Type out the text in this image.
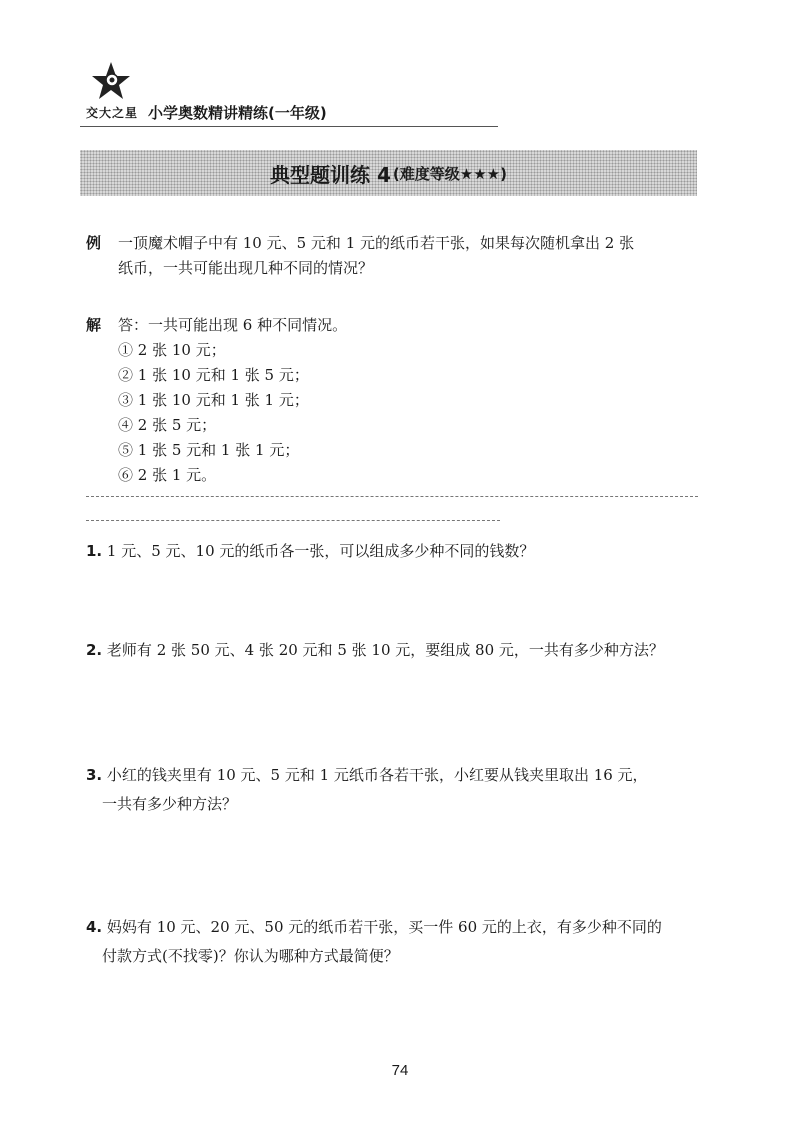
交大之星 小学奥数精讲精练(一年级)
典型题训练 4 (难度等级★★★)
例 一顶魔术帽子中有 10 元、5 元和 1 元的纸币若干张，如果每次随机拿出 2 张
纸币，一共可能出现几种不同的情况？
解 答：一共可能出现 6 种不同情况。
① 2 张 10 元；
② 1 张 10 元和 1 张 5 元；
③ 1 张 10 元和 1 张 1 元；
④ 2 张 5 元；
⑤ 1 张 5 元和 1 张 1 元；
⑥ 2 张 1 元。
1. 1 元、5 元、10 元的纸币各一张，可以组成多少种不同的钱数？
2. 老师有 2 张 50 元、4 张 20 元和 5 张 10 元，要组成 80 元，一共有多少种方法？
3. 小红的钱夹里有 10 元、5 元和 1 元纸币各若干张，小红要从钱夹里取出 16 元，
一共有多少种方法？
4. 妈妈有 10 元、20 元、50 元的纸币若干张，买一件 60 元的上衣，有多少种不同的
付款方式(不找零)？你认为哪种方式最简便？
74
